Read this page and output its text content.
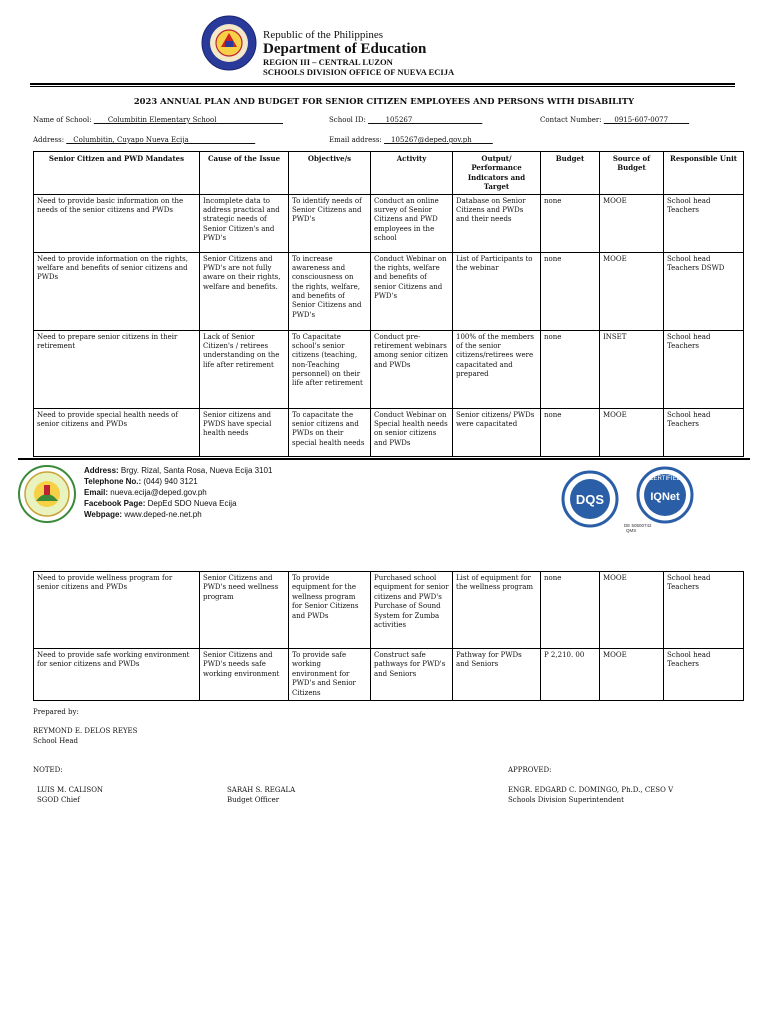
Republic of the Philippines
Department of Education
REGION III – CENTRAL LUZON
SCHOOLS DIVISION OFFICE OF NUEVA ECIJA
2023 ANNUAL PLAN AND BUDGET FOR SENIOR CITIZEN EMPLOYEES AND PERSONS WITH DISABILITY
Name of School: ____Columbitin Elementary School___________________	School ID: _____105267____________________	Contact Number: ___0915-607-0077______
Address: __Columbitin, Cuyapo Nueva Ecija___________________	Email address: __105267@deped.gov.ph______
Senior Citizen and PWD Mandates	Cause of the Issue	Objective/s	Activity	Output/ Performance Indicators and Target	Budget	Source of Budget	Responsible Unit
Need to provide basic information on the needs of the senior citizens and PWDs	Incomplete data to address practical and strategic needs of Senior Citizen's and PWD's	To identify needs of Senior Citizens and PWD's	Conduct an online survey of Senior Citizens and PWD employees in the school	Database on Senior Citizens and PWDs and their needs	none	MOOE	School head Teachers
Need to provide information on the rights, welfare and benefits of senior citizens and PWDs	Senior Citizens and PWD's are not fully aware on their rights, welfare and benefits.	To increase awareness and consciousness on the rights, welfare, and benefits of Senior Citizens and PWD's	Conduct Webinar on the rights, welfare and benefits of senior Citizens and PWD's	List of Participants to the webinar	none	MOOE	School head Teachers DSWD
Need to prepare senior citizens in their retirement	Lack of Senior Citizen's / retirees understanding on the life after retirement	To Capacitate school's senior citizens (teaching, non-Teaching personnel) on their life after retirement	Conduct pre-retirement webinars among senior citizen and PWDs	100% of the members of the senior citizens/retirees were capacitated and prepared	none	INSET	School head Teachers
Need to provide special health needs of senior citizens and PWDs	Senior citizens and PWDS have special health needs	To capacitate the senior citizens and PWDs on their special health needs	Conduct Webinar on Special health needs on senior citizens and PWDs	Senior citizens/ PWDs were capacitated	none	MOOE	School head Teachers
Address: Brgy. Rizal, Santa Rosa, Nueva Ecija 3101
Telephone No.: (044) 940 3121
Email: nueva.ecija@deped.gov.ph
Facebook Page: DepEd SDO Nueva Ecija
Webpage: www.deped-ne.net.ph
DQS
CERTIFIED
IQNet
DE 50500742
QMS
Need to provide wellness program for senior citizens and PWDs	Senior Citizens and PWD's need wellness program	To provide equipment for the wellness program for Senior Citizens and PWDs	Purchased school equipment for senior citizens and PWD's Purchase of Sound System for Zumba activities	List of equipment for the wellness program	none	MOOE	School head Teachers
Need to provide safe working environment for senior citizens and PWDs	Senior Citizens and PWD's needs safe working environment	To provide safe working environment for PWD's and Senior Citizens	Construct safe pathways for PWD's and Seniors	Pathway for PWDs and Seniors	P 2,210. 00	MOOE	School head Teachers
Prepared by:
REYMOND E. DELOS REYES
School Head
NOTED:	APPROVED:
LUIS M. CALISON
SGOD Chief
SARAH S. REGALA
Budget Officer
ENGR. EDGARD C. DOMINGO, Ph.D., CESO V
Schools Division Superintendent
